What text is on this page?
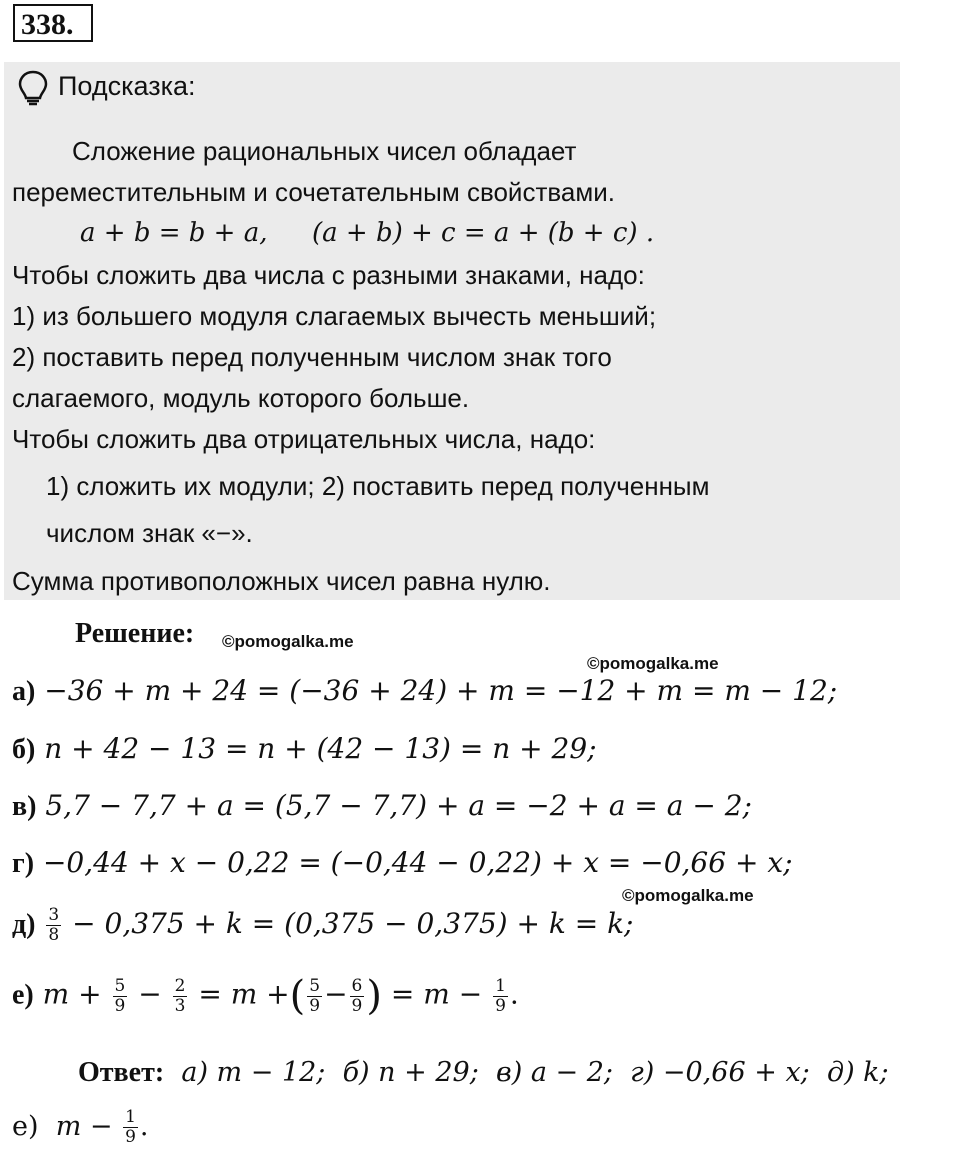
338.
Подсказка:
Сложение рациональных чисел обладает
переместительным и сочетательным свойствами.
a + b = b + a, (a + b) + c = a + (b + c) .
Чтобы сложить два числа с разными знаками, надо:
1) из большего модуля слагаемых вычесть меньший;
2) поставить перед полученным числом знак того
слагаемого, модуль которого больше.
Чтобы сложить два отрицательных числа, надо:
1) сложить их модули; 2) поставить перед полученным
числом знак «−».
Сумма противоположных чисел равна нулю.
Решение: ©pomogalka.me
©pomogalka.me
а) −36 + m + 24 = (−36 + 24) + m = −12 + m = m − 12;
б) n + 42 − 13 = n + (42 − 13) = n + 29;
в) 5,7 − 7,7 + a = (5,7 − 7,7) + a = −2 + a = a − 2;
г) −0,44 + x − 0,22 = (−0,44 − 0,22) + x = −0,66 + x;
©pomogalka.me
$д) \frac{3}{8} - 0,375 + k = (0,375 - 0,375) + k = k$;
е) $m + \frac{5}{9} - \frac{2}{3} = m$ +( $\frac{5}{9} - \frac{6}{9}$ ) = $m - \frac{1}{9}$ .
Ответ: а) m − 12; б) n + 29; в) a − 2; г) −0,66 + x; д) k;
е) $m - \frac{1}{9}$ .
